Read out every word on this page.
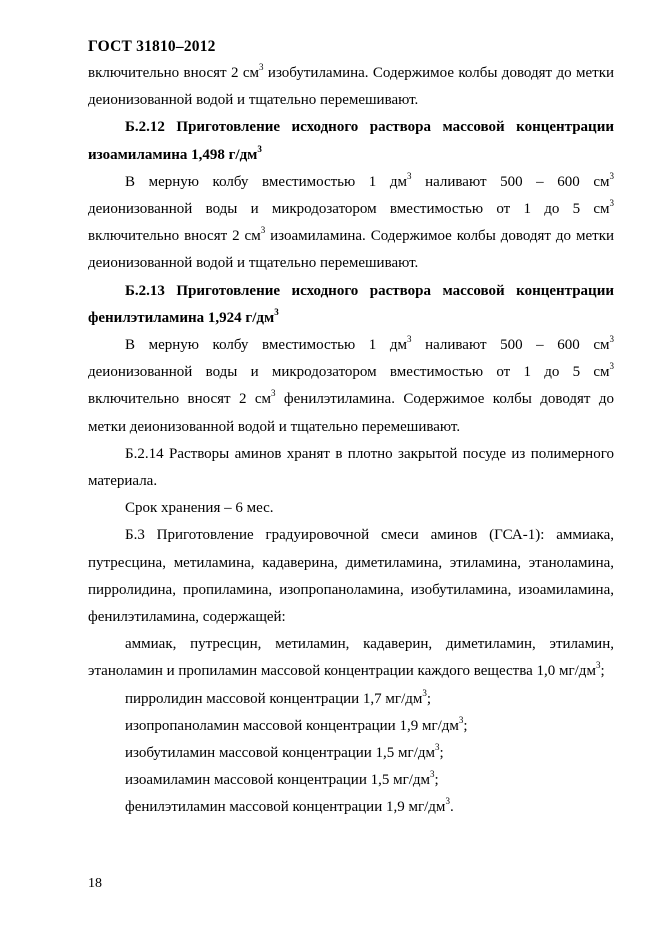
ГОСТ 31810–2012

включительно вносят 2 $см^3$ изобутиламина. Содержимое колбы доводят до метки деионизованной водой и тщательно перемешивают.

Б.2.12 Приготовление исходного раствора массовой концентрации изоамиламина 1,498 $г/дм^3$

В мерную колбу вместимостью 1 $дм^3$ наливают 500 – 600 $см^3$ деионизованной воды и микродозатором вместимостью от 1 до 5 $см^3$ включительно вносят 2 $см^3$ изоамиламина. Содержимое колбы доводят до метки деионизованной водой и тщательно перемешивают.

Б.2.13 Приготовление исходного раствора массовой концентрации фенилэтиламина 1,924 $г/дм^3$

В мерную колбу вместимостью 1 $дм^3$ наливают 500 – 600 $см^3$ деионизованной воды и микродозатором вместимостью от 1 до 5 $см^3$ включительно вносят 2 $см^3$ фенилэтиламина. Содержимое колбы доводят до метки деионизованной водой и тщательно перемешивают.

Б.2.14 Растворы аминов хранят в плотно закрытой посуде из полимерного материала.

Срок хранения – 6 мес.

Б.3 Приготовление градуировочной смеси аминов (ГСА-1): аммиака, путресцина, метиламина, кадаверина, диметиламина, этиламина, этаноламина, пирролидина, пропиламина, изопропаноламина, изобутиламина, изоамиламина, фенилэтиламина, содержащей:

аммиак, путресцин, метиламин, кадаверин, диметиламин, этиламин, этаноламин и пропиламин массовой концентрации каждого вещества 1,0 $мг/дм^3$;

пирролидин массовой концентрации 1,7 $мг/дм^3$;

изопропаноламин массовой концентрации 1,9 $мг/дм^3$;

изобутиламин массовой концентрации 1,5 $мг/дм^3$;

изоамиламин массовой концентрации 1,5 $мг/дм^3$;

фенилэтиламин массовой концентрации 1,9 $мг/дм^3$.

18
